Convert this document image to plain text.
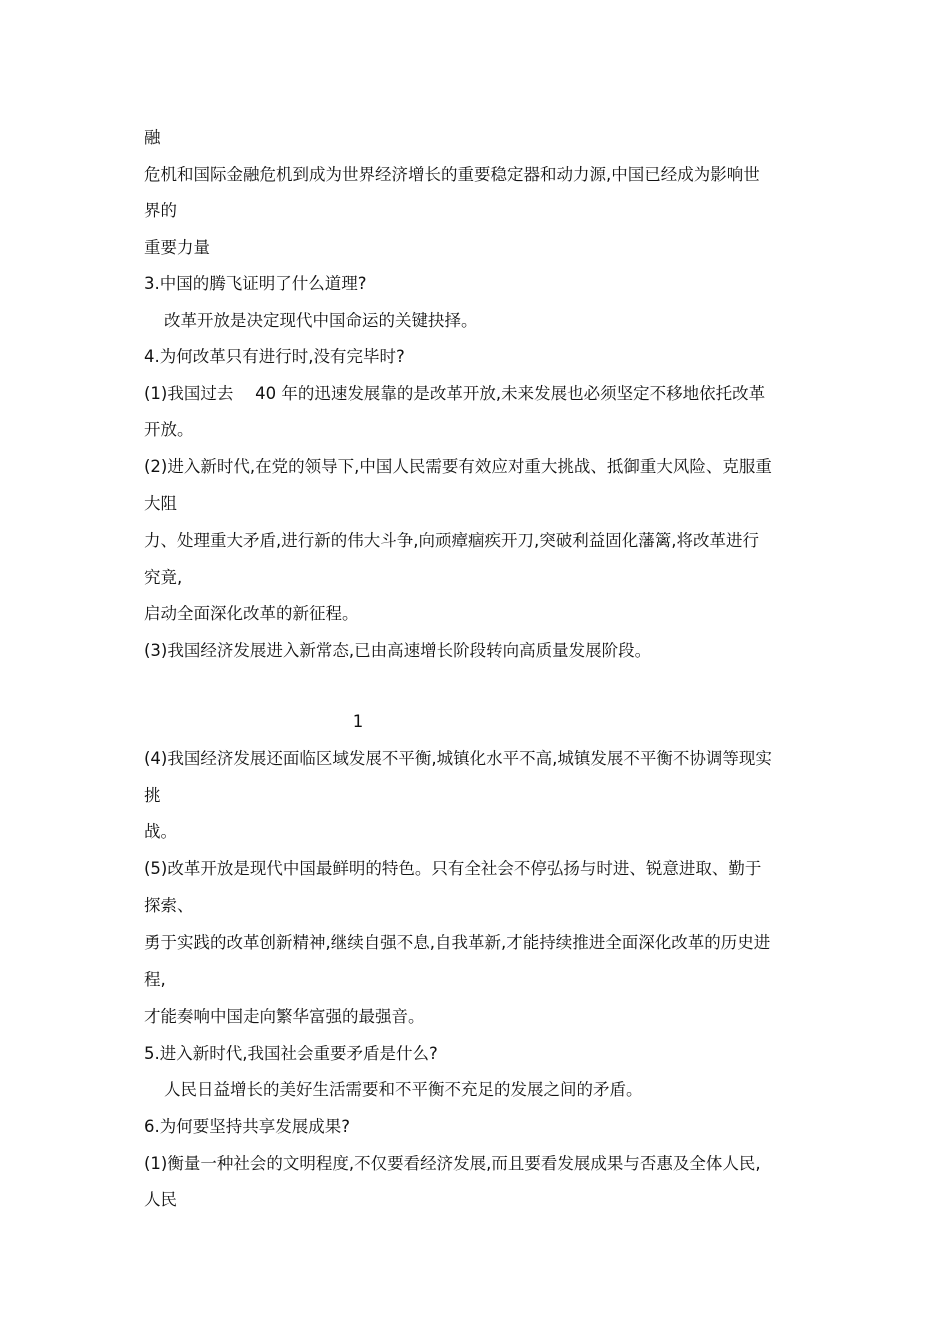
融
危机和国际金融危机到成为世界经济增长的重要稳定器和动力源,中国已经成为影响世
界的
重要力量
3.中国的腾飞证明了什么道理?
改革开放是决定现代中国命运的关键抉择。
4.为何改革只有进行时,没有完毕时?
(1)我国过去　 40 年的迅速发展靠的是改革开放,未来发展也必须坚定不移地依托改革
开放。
(2)进入新时代,在党的领导下,中国人民需要有效应对重大挑战、抵御重大风险、克服重
大阻
力、处理重大矛盾,进行新的伟大斗争,向顽瘴痼疾开刀,突破利益固化藩篱,将改革进行
究竟,
启动全面深化改革的新征程。
(3)我国经济发展进入新常态,已由高速增长阶段转向高质量发展阶段。
1
(4)我国经济发展还面临区域发展不平衡,城镇化水平不高,城镇发展不平衡不协调等现实
挑
战。
(5)改革开放是现代中国最鲜明的特色。只有全社会不停弘扬与时进、锐意进取、勤于
探索、
勇于实践的改革创新精神,继续自强不息,自我革新,才能持续推进全面深化改革的历史进
程,
才能奏响中国走向繁华富强的最强音。
5.进入新时代,我国社会重要矛盾是什么?
人民日益增长的美好生活需要和不平衡不充足的发展之间的矛盾。
6.为何要坚持共享发展成果?
(1)衡量一种社会的文明程度,不仅要看经济发展,而且要看发展成果与否惠及全体人民,
人民
